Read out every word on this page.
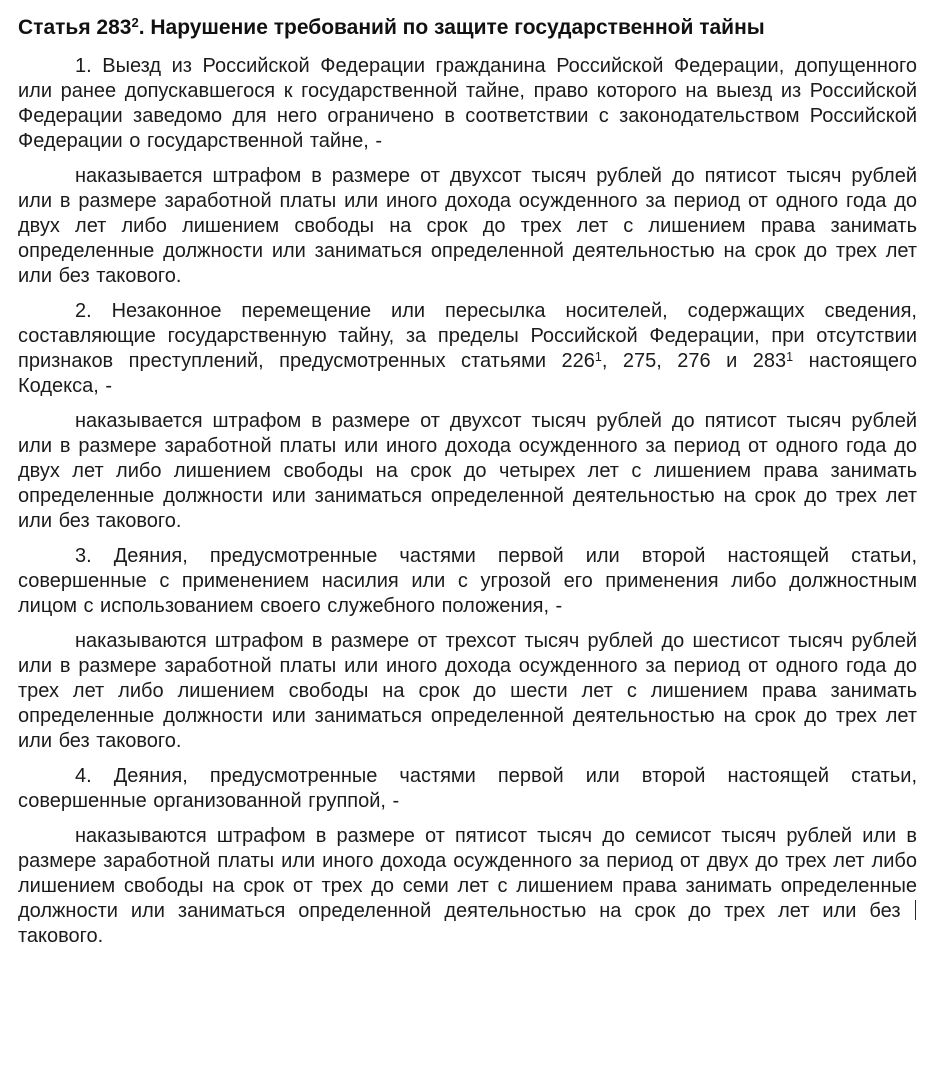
Статья $283^2$. Нарушение требований по защите государственной тайны

1. Выезд из Российской Федерации гражданина Российской Федерации, допущенного или ранее допускавшегося к государственной тайне, право которого на выезд из Российской Федерации заведомо для него ограничено в соответствии с законодательством Российской Федерации о государственной тайне, -

наказывается штрафом в размере от двухсот тысяч рублей до пятисот тысяч рублей или в размере заработной платы или иного дохода осужденного за период от одного года до двух лет либо лишением свободы на срок до трех лет с лишением права занимать определенные должности или заниматься определенной деятельностью на срок до трех лет или без такового.

2. Незаконное перемещение или пересылка носителей, содержащих сведения, составляющие государственную тайну, за пределы Российской Федерации, при отсутствии признаков преступлений, предусмотренных статьями $226^1$, 275, 276 и $283^1$ настоящего Кодекса, -

наказывается штрафом в размере от двухсот тысяч рублей до пятисот тысяч рублей или в размере заработной платы или иного дохода осужденного за период от одного года до двух лет либо лишением свободы на срок до четырех лет с лишением права занимать определенные должности или заниматься определенной деятельностью на срок до трех лет или без такового.

3. Деяния, предусмотренные частями первой или второй настоящей статьи, совершенные с применением насилия или с угрозой его применения либо должностным лицом с использованием своего служебного положения, -

наказываются штрафом в размере от трехсот тысяч рублей до шестисот тысяч рублей или в размере заработной платы или иного дохода осужденного за период от одного года до трех лет либо лишением свободы на срок до шести лет с лишением права занимать определенные должности или заниматься определенной деятельностью на срок до трех лет или без такового.

4. Деяния, предусмотренные частями первой или второй настоящей статьи, совершенные организованной группой, -

наказываются штрафом в размере от пятисот тысяч до семисот тысяч рублей или в размере заработной платы или иного дохода осужденного за период от двух до трех лет либо лишением свободы на срок от трех до семи лет с лишением права занимать определенные должности или заниматься определенной деятельностью на срок до трех лет или без такового.
